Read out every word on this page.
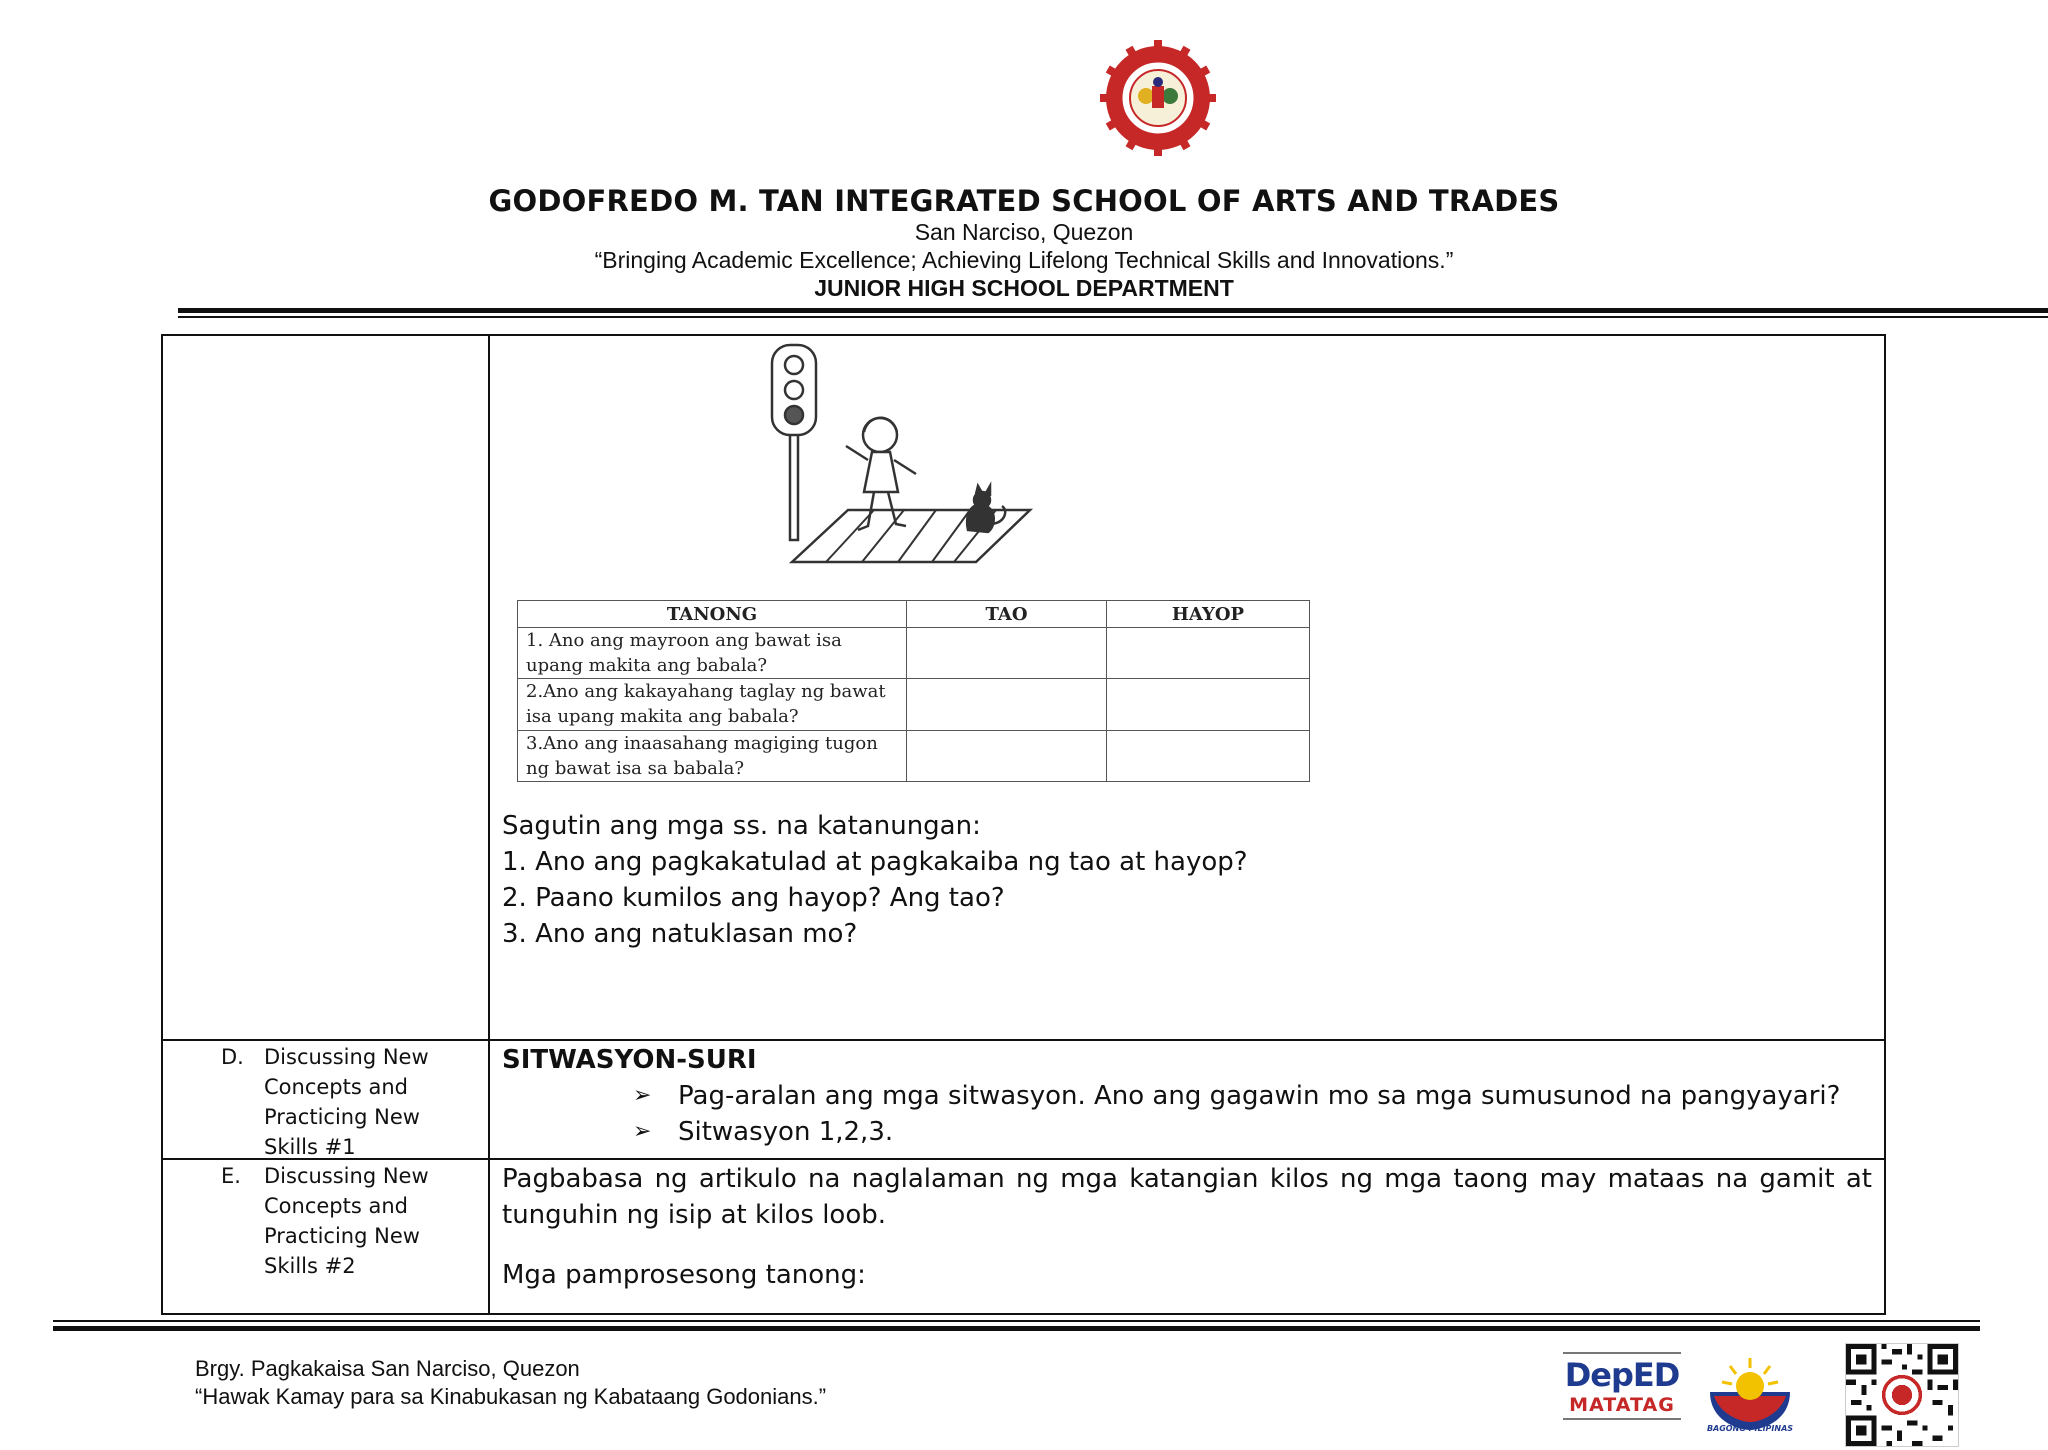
GODOFREDO M. TAN INTEGRATED SCHOOL OF ARTS AND TRADES
San Narciso, Quezon
“Bringing Academic Excellence; Achieving Lifelong Technical Skills and Innovations.”
JUNIOR HIGH SCHOOL DEPARTMENT
Sagutin ang mga ss. na katanungan:
1. Ano ang pagkakatulad at pagkakaiba ng tao at hayop?
2. Paano kumilos ang hayop? Ang tao?
3. Ano ang natuklasan mo?
D. Discussing New Concepts and Practicing New Skills #1
SITWASYON-SURI
➢ Pag-aralan ang mga sitwasyon. Ano ang gagawin mo sa mga sumusunod na pangyayari?
➢ Sitwasyon 1,2,3.
E. Discussing New Concepts and Practicing New Skills #2
Pagbabasa ng artikulo na naglalaman ng mga katangian kilos ng mga taong may mataas na gamit at tunguhin ng isip at kilos loob.
Mga pamprosesong tanong:
TANONG	TAO	HAYOP
1. Ano ang mayroon ang bawat isa upang makita ang babala?		
2.Ano ang kakayahang taglay ng bawat isa upang makita ang babala?		
3.Ano ang inaasahang magiging tugon ng bawat isa sa babala?		
Brgy. Pagkakaisa San Narciso, Quezon
“Hawak Kamay para sa Kinabukasan ng Kabataang Godonians.”
DepED
MATATAG
BAGONG PILIPINAS
